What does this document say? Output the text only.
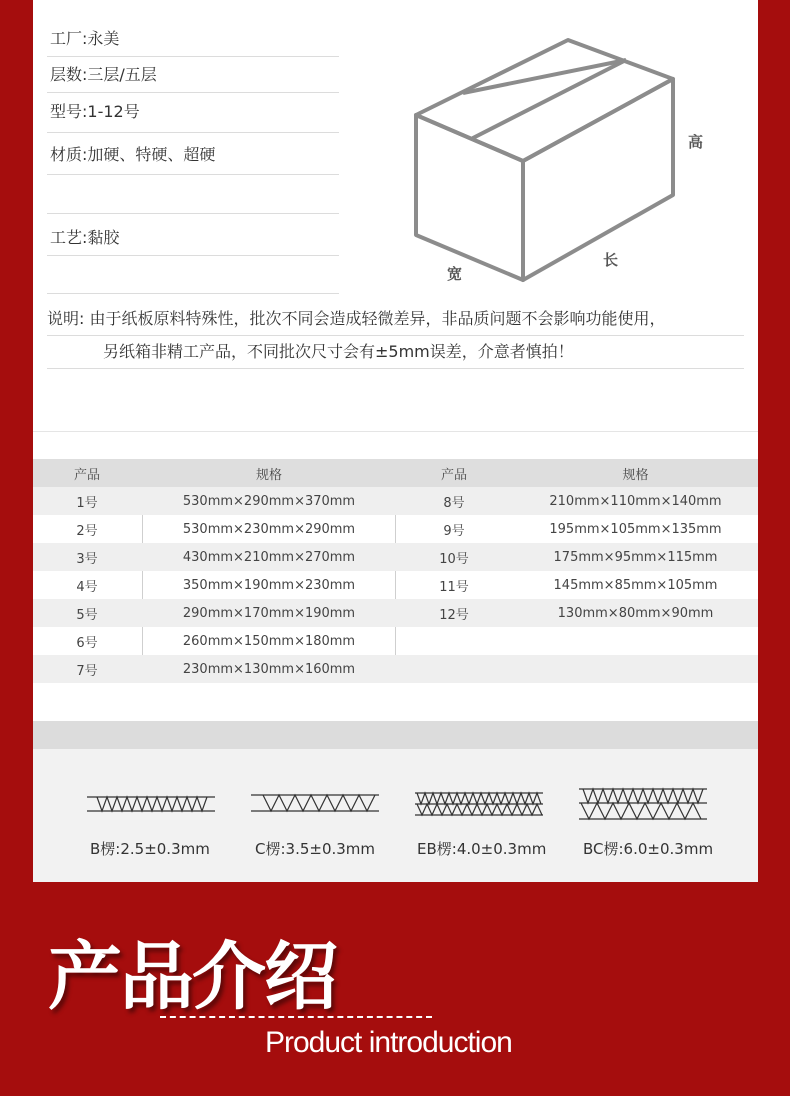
工厂:永美
层数:三层/五层
型号:1-12号
材质:加硬、特硬、超硬
工艺:黏胶
高
长
宽
说明: 由于纸板原料特殊性，批次不同会造成轻微差异，非品质问题不会影响功能使用，
另纸箱非精工产品，不同批次尺寸会有±5mm误差，介意者慎拍！
产品	规格	产品	规格
1号	530mm×290mm×370mm	8号	210mm×110mm×140mm
2号	530mm×230mm×290mm	9号	195mm×105mm×135mm
3号	430mm×210mm×270mm	10号	175mm×95mm×115mm
4号	350mm×190mm×230mm	11号	145mm×85mm×105mm
5号	290mm×170mm×190mm	12号	130mm×80mm×90mm
6号	260mm×150mm×180mm
7号	230mm×130mm×160mm
B楞:2.5±0.3mm	C楞:3.5±0.3mm	EB楞:4.0±0.3mm BC楞:6.0±0.3mm
产品介绍
Product introduction
